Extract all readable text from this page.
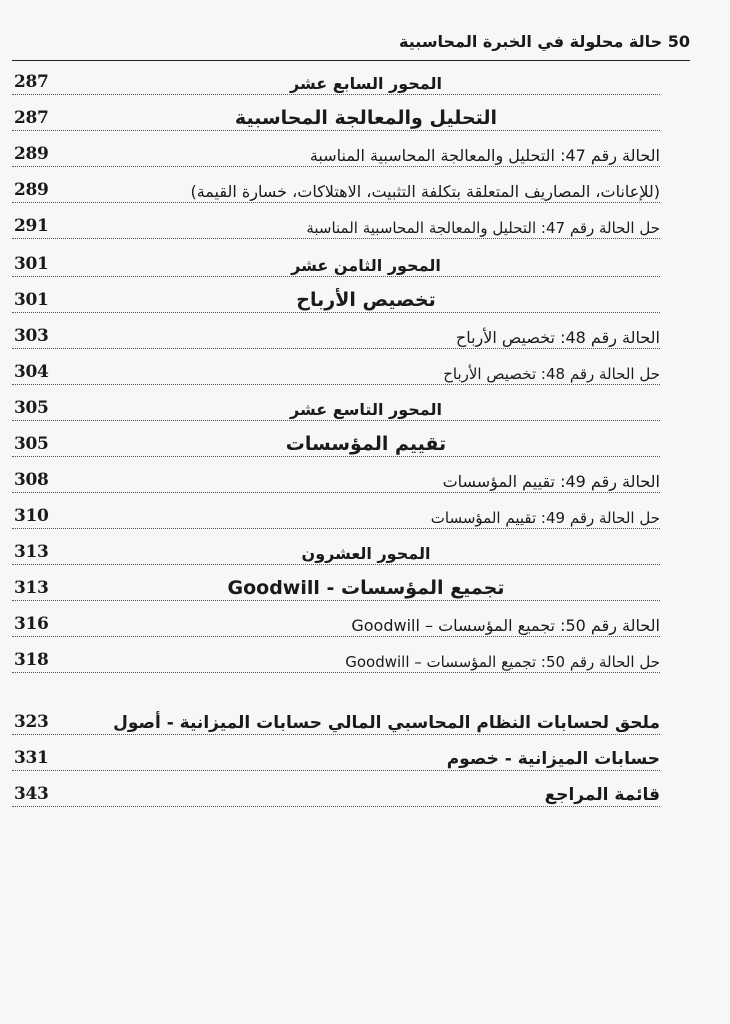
50 حالة محلولة في الخبرة المحاسبية
287	المحور السابع عشر
287	التحليل والمعالجة المحاسبية
289	الحالة رقم 47: التحليل والمعالجة المحاسبية المناسبة
289	(للإعانات، المصاريف المتعلقة بتكلفة التثبيت، الاهتلاكات، خسارة القيمة)
291	حل الحالة رقم 47: التحليل والمعالجة المحاسبية المناسبة
301	المحور الثامن عشر
301	تخصيص الأرباح
303	الحالة رقم 48: تخصيص الأرباح
304	حل الحالة رقم 48: تخصيص الأرباح
305	المحور التاسع عشر
305	تقييم المؤسسات
308	الحالة رقم 49: تقييم المؤسسات
310	حل الحالة رقم 49: تقييم المؤسسات
313	المحور العشرون
313	تجميع المؤسسات - Goodwill
316	الحالة رقم 50: تجميع المؤسسات – Goodwill
318	حل الحالة رقم 50: تجميع المؤسسات – Goodwill
323	ملحق لحسابات النظام المحاسبي المالي حسابات الميزانية - أصول
331	حسابات الميزانية - خصوم
343	قائمة المراجع
